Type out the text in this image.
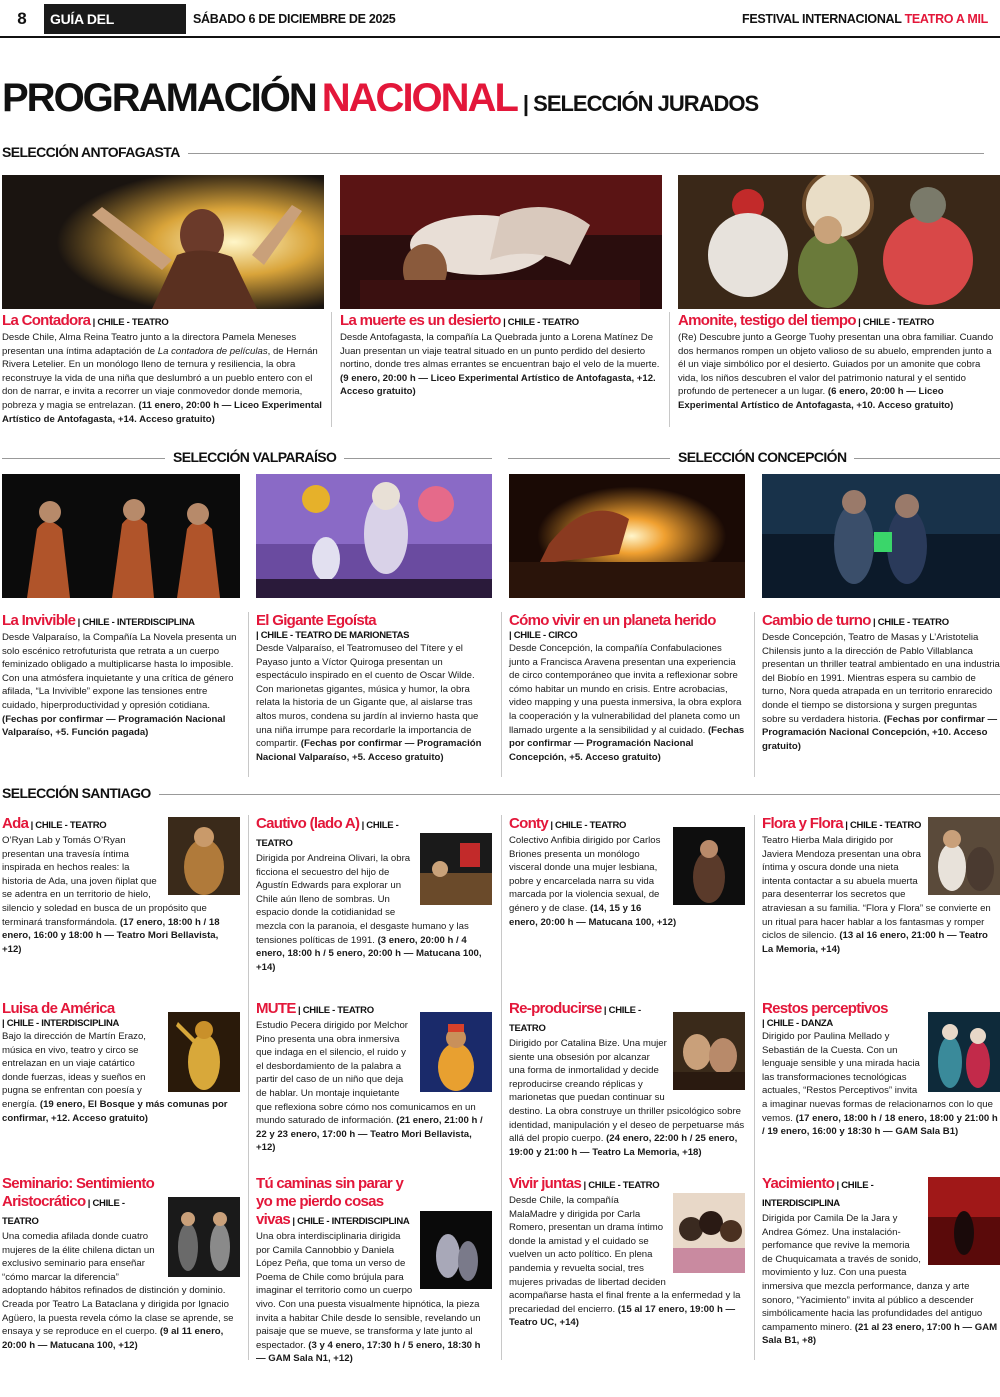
8	GUÍA DEL ESPECTADOR
SÁBADO 6 DE DICIEMBRE DE 2025	FESTIVAL INTERNACIONAL TEATRO A MIL
PROGRAMACIÓN NACIONAL | SELECCIÓN JURADOS
SELECCIÓN ANTOFAGASTA
La Contadora | CHILE - TEATRO
Desde Chile, Alma Reina Teatro junto a la directora Pamela Meneses presentan una íntima adaptación de La contadora de películas, de Hernán Rivera Letelier. En un monólogo lleno de ternura y resiliencia, la obra reconstruye la vida de una niña que deslumbró a un pueblo entero con el don de narrar, e invita a recorrer un viaje conmovedor donde memoria, pobreza y magia se entrelazan. (11 enero, 20:00 h — Liceo Experimental Artístico de Antofagasta, +14. Acceso gratuito)
La muerte es un desierto | CHILE - TEATRO
Desde Antofagasta, la compañía La Quebrada junto a Lorena Matínez De Juan presentan un viaje teatral situado en un punto perdido del desierto nortino, donde tres almas errantes se encuentran bajo el velo de la muerte. (9 enero, 20:00 h — Liceo Experimental Artístico de Antofagasta, +12. Acceso gratuito)
Amonite, testigo del tiempo | CHILE - TEATRO
(Re) Descubre junto a George Tuohy presentan una obra familiar. Cuando dos hermanos rompen un objeto valioso de su abuelo, emprenden junto a él un viaje simbólico por el desierto. Guiados por un amonite que cobra vida, los niños descubren el valor del patrimonio natural y el sentido profundo de pertenecer a un lugar. (6 enero, 20:00 h — Liceo Experimental Artístico de Antofagasta, +10. Acceso gratuito)
SELECCIÓN VALPARAÍSO	SELECCIÓN CONCEPCIÓN
La Invivible | CHILE - INTERDISCIPLINA
Desde Valparaíso, la Compañía La Novela presenta un solo escénico retrofuturista que retrata a un cuerpo feminizado obligado a multiplicarse hasta lo imposible. Con una atmósfera inquietante y una crítica de género afilada, “La Invivible” expone las tensiones entre cuidado, hiperproductividad y opresión cotidiana. (Fechas por confirmar — Programación Nacional Valparaíso, +5. Función pagada)
El Gigante Egoísta
| CHILE - TEATRO DE MARIONETAS
Desde Valparaíso, el Teatromuseo del Títere y el Payaso junto a Víctor Quiroga presentan un espectáculo inspirado en el cuento de Oscar Wilde. Con marionetas gigantes, música y humor, la obra relata la historia de un Gigante que, al aislarse tras altos muros, condena su jardín al invierno hasta que una niña irrumpe para recordarle la importancia de compartir. (Fechas por confirmar — Programación Nacional Valparaíso, +5. Acceso gratuito)
Cómo vivir en un planeta herido
| CHILE - CIRCO
Desde Concepción, la compañía Confabulaciones junto a Francisca Aravena presentan una experiencia de circo contemporáneo que invita a reflexionar sobre cómo habitar un mundo en crisis. Entre acrobacias, video mapping y una puesta inmersiva, la obra explora la cooperación y la vulnerabilidad del planeta como un llamado urgente a la sensibilidad y al cuidado. (Fechas por confirmar — Programación Nacional Concepción, +5. Acceso gratuito)
Cambio de turno | CHILE - TEATRO
Desde Concepción, Teatro de Masas y L’Aristotelia Chilensis junto a la dirección de Pablo Villablanca presentan un thriller teatral ambientado en una industria del Biobío en 1991. Mientras espera su cambio de turno, Nora queda atrapada en un territorio enrarecido donde el tiempo se distorsiona y surgen preguntas sobre su verdadera historia. (Fechas por confirmar — Programación Nacional Concepción, +10. Acceso gratuito)
SELECCIÓN SANTIAGO
Ada | CHILE - TEATRO
O’Ryan Lab y Tomás O’Ryan presentan una travesía íntima inspirada en hechos reales: la historia de Ada, una joven ñiplat que se adentra en un territorio de hielo, silencio y soledad en busca de un propósito que terminará transformándola. (17 enero, 18:00 h / 18 enero, 16:00 y 18:00 h — Teatro Mori Bellavista, +12)
Cautivo (lado A) | CHILE - TEATRO
Dirigida por Andreina Olivari, la obra ficciona el secuestro del hijo de Agustín Edwards para explorar un Chile aún lleno de sombras. Un espacio donde la cotidianidad se mezcla con la paranoia, el desgaste humano y las tensiones políticas de 1991. (3 enero, 20:00 h / 4 enero, 18:00 h / 5 enero, 20:00 h — Matucana 100, +14)
Conty | CHILE - TEATRO
Colectivo Anfibia dirigido por Carlos Briones presenta un monólogo visceral donde una mujer lesbiana, pobre y encarcelada narra su vida marcada por la violencia sexual, de género y de clase. (14, 15 y 16 enero, 20:00 h — Matucana 100, +12)
Flora y Flora | CHILE - TEATRO
Teatro Hierba Mala dirigido por Javiera Mendoza presentan una obra íntima y oscura donde una nieta intenta contactar a su abuela muerta para desenterrar los secretos que atraviesan a su familia. “Flora y Flora” se convierte en un ritual para hacer hablar a los fantasmas y romper ciclos de silencio. (13 al 16 enero, 21:00 h — Teatro La Memoria, +14)
Luisa de América
| CHILE - INTERDISCIPLINA
Bajo la dirección de Martín Erazo, música en vivo, teatro y circo se entrelazan en un viaje catártico donde fuerzas, ideas y sueños en pugna se enfrentan con poesía y energía. (19 enero, El Bosque y más comunas por confirmar, +12. Acceso gratuito)
MUTE | CHILE - TEATRO
Estudio Pecera dirigido por Melchor Pino presenta una obra inmersiva que indaga en el silencio, el ruido y el desbordamiento de la palabra a partir del caso de un niño que deja de hablar. Un montaje inquietante que reflexiona sobre cómo nos comunicamos en un mundo saturado de información. (21 enero, 21:00 h / 22 y 23 enero, 17:00 h — Teatro Mori Bellavista, +12)
Re-producirse | CHILE - TEATRO
Dirigido por Catalina Bize. Una mujer siente una obsesión por alcanzar una forma de inmortalidad y decide reproducirse creando réplicas y marionetas que puedan continuar su destino. La obra construye un thriller psicológico sobre identidad, manipulación y el deseo de perpetuarse más allá del propio cuerpo. (24 enero, 22:00 h / 25 enero, 19:00 y 21:00 h — Teatro La Memoria, +18)
Restos perceptivos
| CHILE - DANZA
Dirigido por Paulina Mellado y Sebastián de la Cuesta. Con un lenguaje sensible y una mirada hacia las transformaciones tecnológicas actuales, “Restos Perceptivos” invita a imaginar nuevas formas de relacionarnos con lo que vemos. (17 enero, 18:00 h / 18 enero, 18:00 y 21:00 h / 19 enero, 16:00 y 18:30 h — GAM Sala B1)
Seminario: Sentimiento Aristocrático | CHILE - TEATRO
Una comedia afilada donde cuatro mujeres de la élite chilena dictan un exclusivo seminario para enseñar “cómo marcar la diferencia” adoptando hábitos refinados de distinción y dominio. Creada por Teatro La Bataclana y dirigida por Ignacio Agüero, la puesta revela cómo la clase se aprende, se ensaya y se reproduce en el cuerpo. (9 al 11 enero, 20:00 h — Matucana 100, +12)
Tú caminas sin parar y yo me pierdo cosas vivas | CHILE - INTERDISCIPLINA
Una obra interdisciplinaria dirigida por Camila Cannobbio y Daniela López Peña, que toma un verso de Poema de Chile como brújula para imaginar el territorio como un cuerpo vivo. Con una puesta visualmente hipnótica, la pieza invita a habitar Chile desde lo sensible, revelando un paisaje que se mueve, se transforma y late junto al espectador. (3 y 4 enero, 17:30 h / 5 enero, 18:30 h — GAM Sala N1, +12)
Vivir juntas | CHILE - TEATRO
Desde Chile, la compañía MalaMadre y dirigida por Carla Romero, presentan un drama íntimo donde la amistad y el cuidado se vuelven un acto político. En plena pandemia y revuelta social, tres mujeres privadas de libertad deciden acompañarse hasta el final frente a la enfermedad y la precariedad del encierro. (15 al 17 enero, 19:00 h — Teatro UC, +14)
Yacimiento | CHILE - INTERDISCIPLINA
Dirigida por Camila De la Jara y Andrea Gómez. Una instalación-perfomance que revive la memoria de Chuquicamata a través de sonido, movimiento y luz. Con una puesta inmersiva que mezcla performance, danza y arte sonoro, “Yacimiento” invita al público a descender simbólicamente hacia las profundidades del antiguo campamento minero. (21 al 23 enero, 17:00 h — GAM Sala B1, +8)
